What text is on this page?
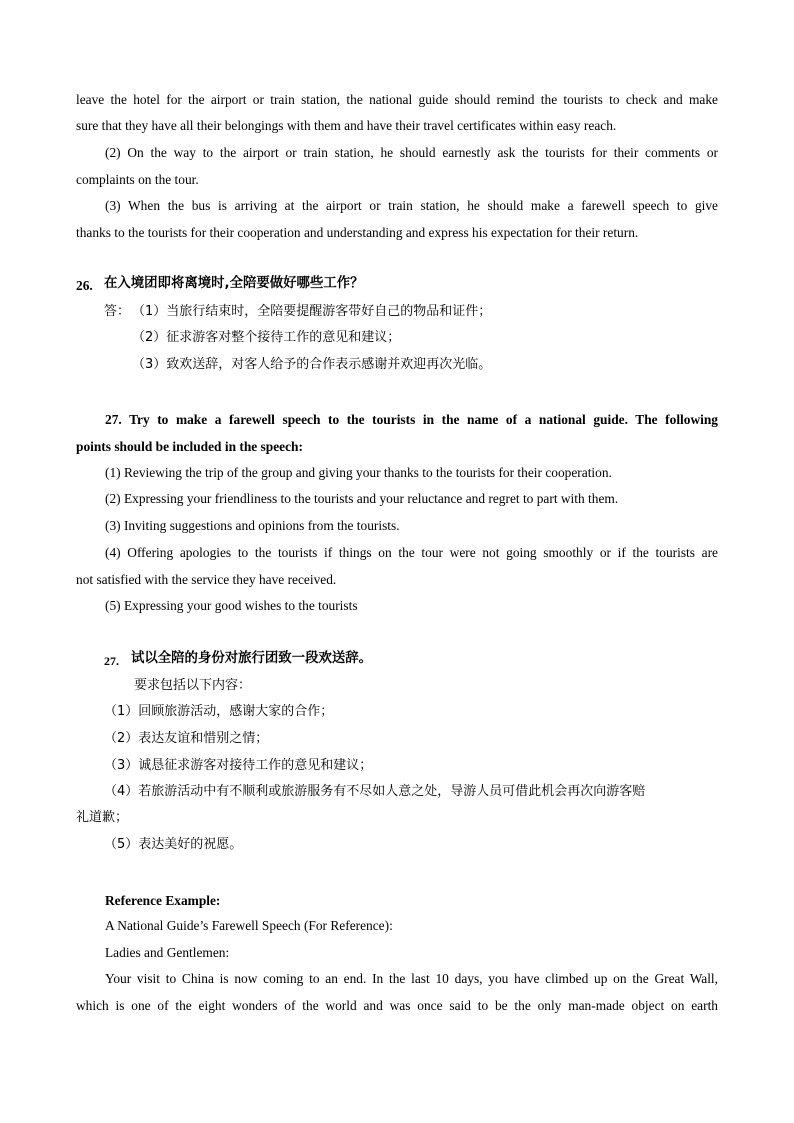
leave the hotel for the airport or train station, the national guide should remind the tourists to check and make
sure that they have all their belongings with them and have their travel certificates within easy reach.
(2) On the way to the airport or train station, he should earnestly ask the tourists for their comments or
complaints on the tour.
(3) When the bus is arriving at the airport or train station, he should make a farewell speech to give
thanks to the tourists for their cooperation and understanding and express his expectation for their return.
26. 在入境团即将离境时,全陪要做好哪些工作？
答： （1）当旅行结束时，全陪要提醒游客带好自己的物品和证件；
（2）征求游客对整个接待工作的意见和建议；
（3）致欢送辞，对客人给予的合作表示感谢并欢迎再次光临。
27. Try to make a farewell speech to the tourists in the name of a national guide. The following
points should be included in the speech:
(1) Reviewing the trip of the group and giving your thanks to the tourists for their cooperation.
(2) Expressing your friendliness to the tourists and your reluctance and regret to part with them.
(3) Inviting suggestions and opinions from the tourists.
(4) Offering apologies to the tourists if things on the tour were not going smoothly or if the tourists are
not satisfied with the service they have received.
(5) Expressing your good wishes to the tourists
27. 试以全陪的身份对旅行团致一段欢送辞。
要求包括以下内容：
（1）回顾旅游活动，感谢大家的合作；
（2）表达友谊和惜别之情；
（3）诚恳征求游客对接待工作的意见和建议；
（4）若旅游活动中有不顺利或旅游服务有不尽如人意之处，导游人员可借此机会再次向游客赔
礼道歉；
（5）表达美好的祝愿。
Reference Example:
A National Guide’s Farewell Speech (For Reference):
Ladies and Gentlemen:
Your visit to China is now coming to an end. In the last 10 days, you have climbed up on the Great Wall,
which is one of the eight wonders of the world and was once said to be the only man-made object on earth
